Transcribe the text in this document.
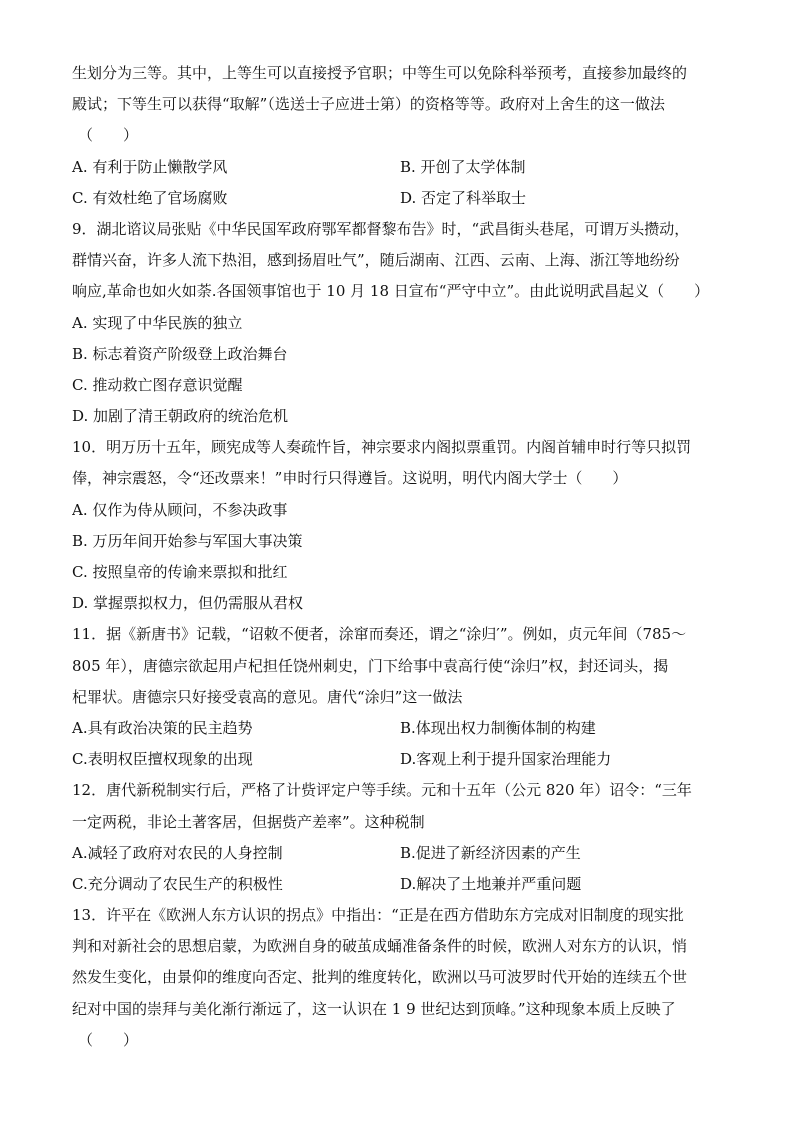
生划分为三等。其中，上等生可以直接授予官职；中等生可以免除科举预考，直接参加最终的
殿试；下等生可以获得“取解”（选送士子应进士第）的资格等等。政府对上舍生的这一做法
（　　）
A. 有利于防止懒散学风	B. 开创了太学体制
C. 有效杜绝了官场腐败	D. 否定了科举取士
9．湖北谘议局张贴《中华民国军政府鄂军都督黎布告》时，“武昌街头巷尾，可谓万头攒动，
群情兴奋，许多人流下热泪，感到扬眉吐气”，随后湖南、江西、云南、上海、浙江等地纷纷
响应,革命也如火如荼.各国领事馆也于 10 月 18 日宣布“严守中立”。由此说明武昌起义（　　）
A. 实现了中华民族的独立
B. 标志着资产阶级登上政治舞台
C. 推动救亡图存意识觉醒
D. 加剧了清王朝政府的统治危机
10．明万历十五年，顾宪成等人奏疏忤旨，神宗要求内阁拟票重罚。内阁首辅申时行等只拟罚
俸，神宗震怒，令“还改票来！”申时行只得遵旨。这说明，明代内阁大学士（　　）
A. 仅作为侍从顾问，不参决政事
B. 万历年间开始参与军国大事决策
C. 按照皇帝的传谕来票拟和批红
D. 掌握票拟权力，但仍需服从君权
11．据《新唐书》记载，“诏敕不便者，涂窜而奏还，谓之“涂归′”。例如，贞元年间（785～
805 年），唐德宗欲起用卢杞担任饶州刺史，门下给事中袁高行使“涂归”权，封还词头，揭
杞罪状。唐德宗只好接受袁高的意见。唐代“涂归”这一做法
A.具有政治决策的民主趋势	B.体现出权力制衡体制的构建
C.表明权臣擅权现象的出现	D.客观上利于提升国家治理能力
12．唐代新税制实行后，严格了计赀评定户等手续。元和十五年（公元 820 年）诏令：“三年
一定两税，非论土著客居，但据赀产差率”。这种税制
A.减轻了政府对农民的人身控制	B.促进了新经济因素的产生
C.充分调动了农民生产的积极性	D.解决了土地兼并严重问题
13．许平在《欧洲人东方认识的拐点》中指出：“正是在西方借助东方完成对旧制度的现实批
判和对新社会的思想启蒙，为欧洲自身的破茧成蛹准备条件的时候，欧洲人对东方的认识，悄
然发生变化，由景仰的维度向否定、批判的维度转化，欧洲以马可波罗时代开始的连续五个世
纪对中国的崇拜与美化渐行渐远了，这一认识在 1 9 世纪达到顶峰。”这种现象本质上反映了
（　　）
